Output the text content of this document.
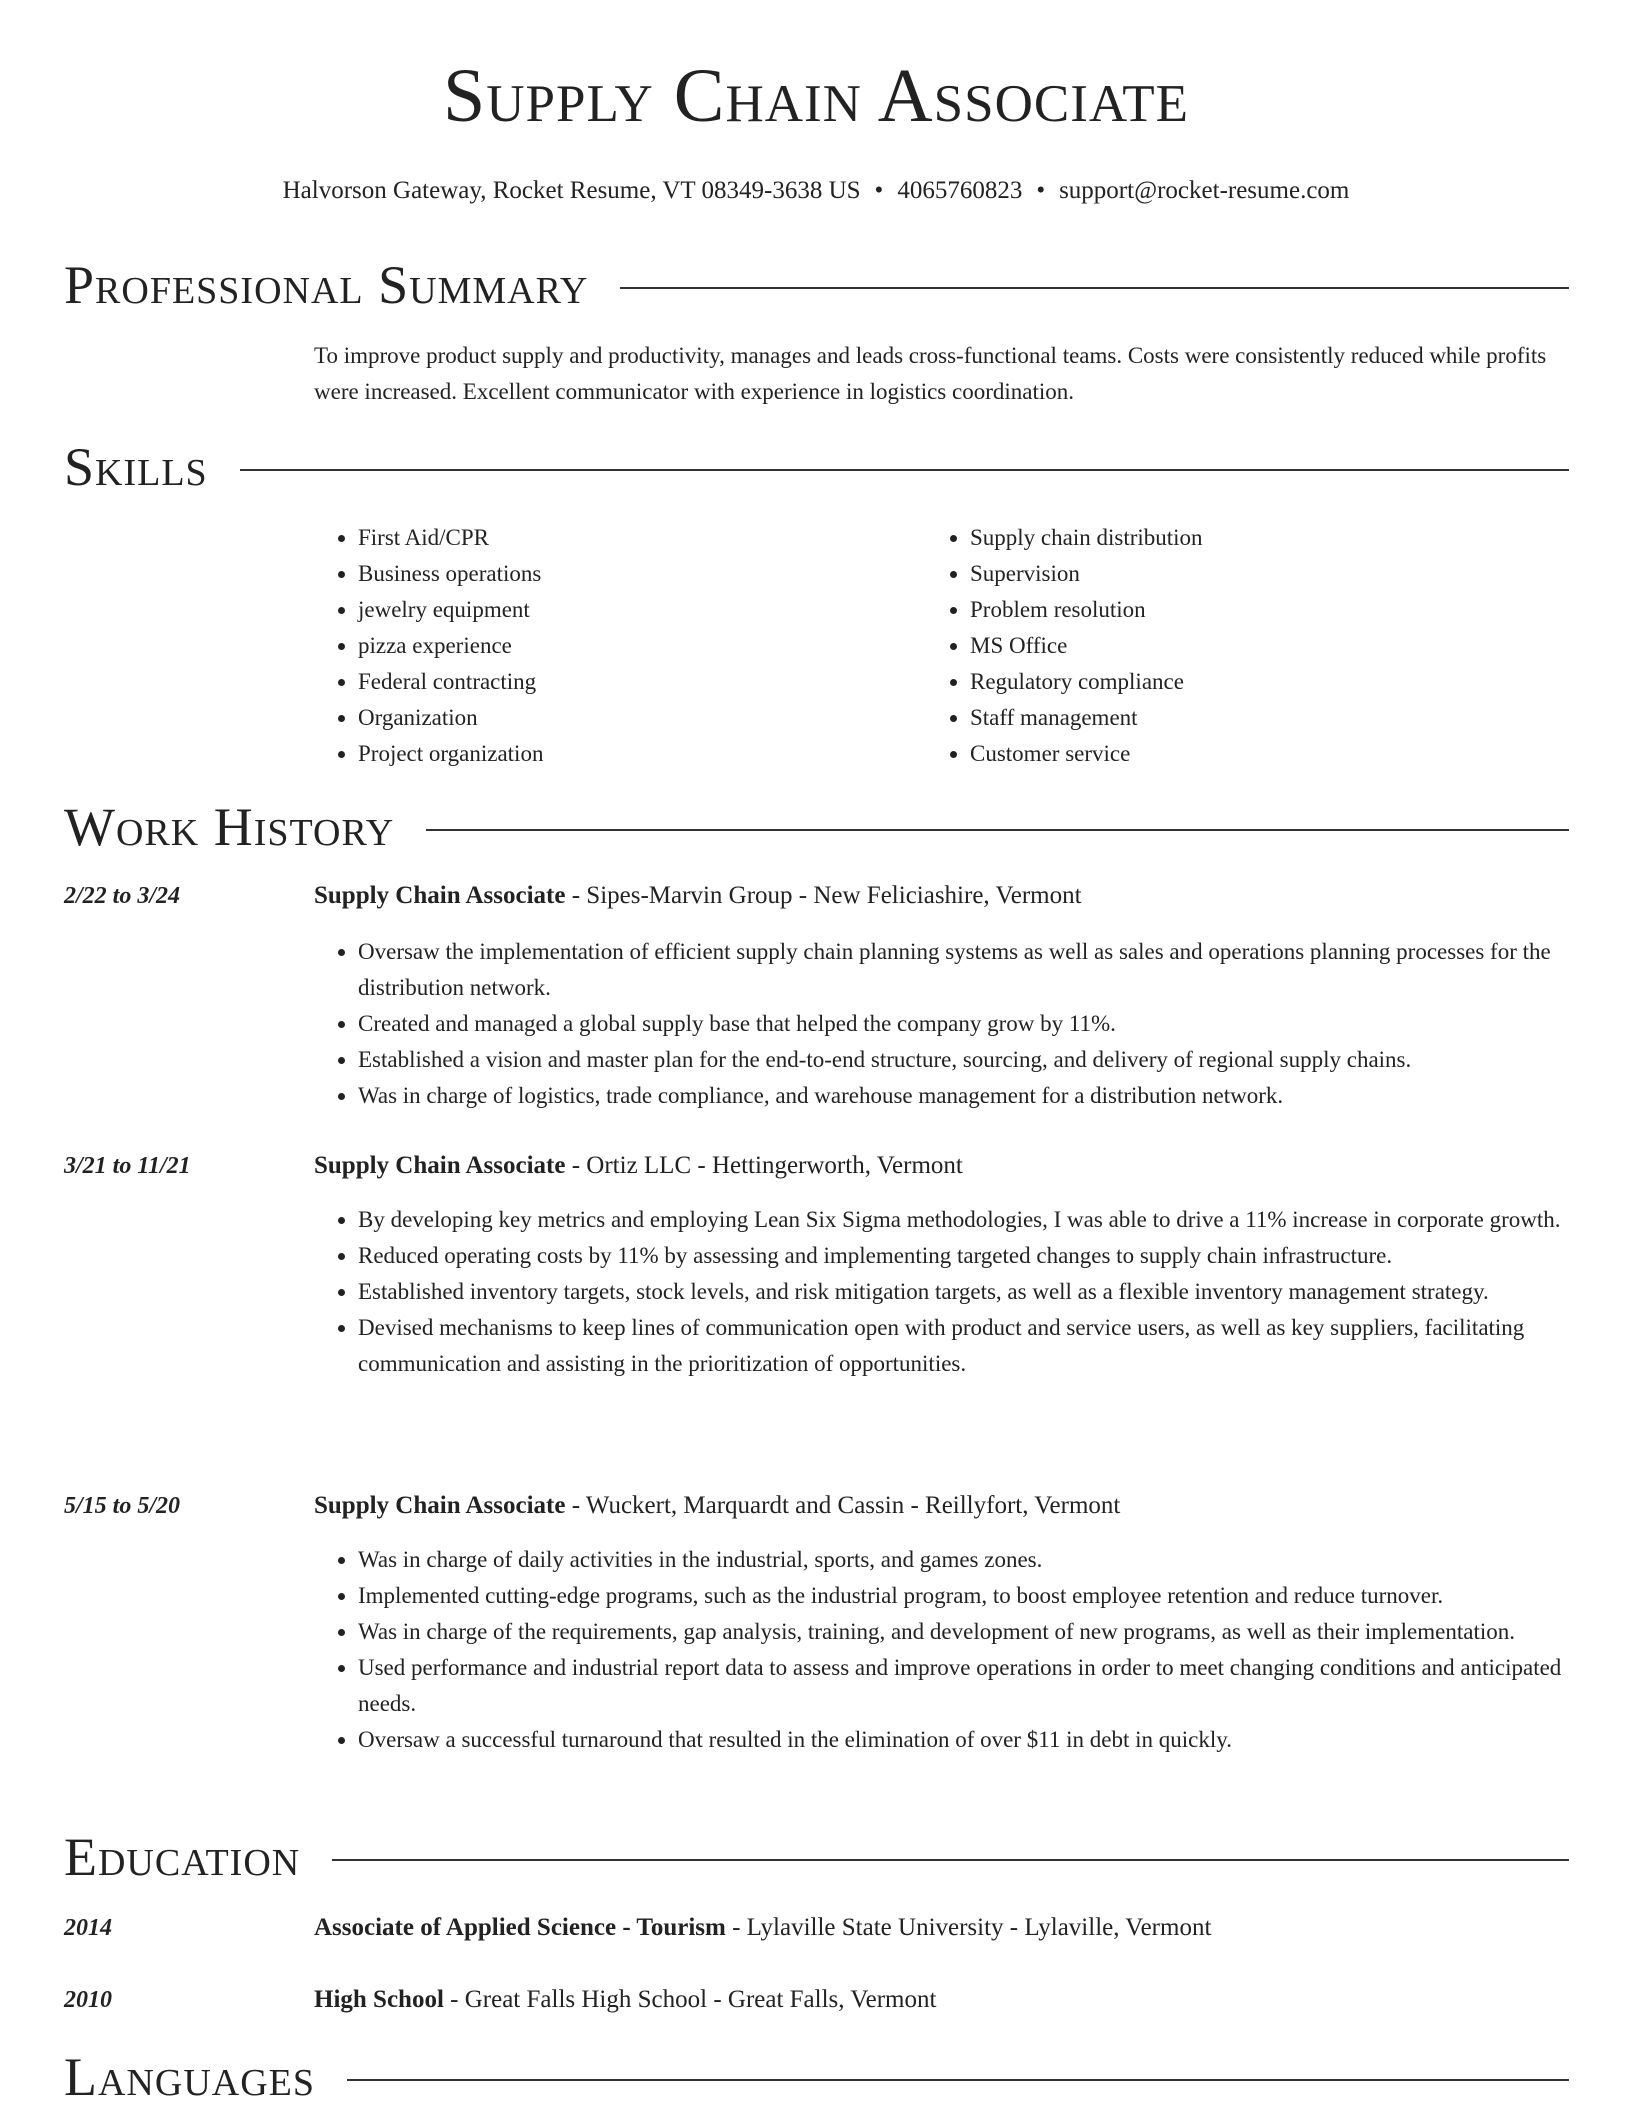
Supply Chain Associate
Halvorson Gateway, Rocket Resume, VT 08349-3638 US • 4065760823 • support@rocket-resume.com
Professional Summary
To improve product supply and productivity, manages and leads cross-functional teams. Costs were consistently reduced while profits were increased. Excellent communicator with experience in logistics coordination.
Skills
• First Aid/CPR
• Business operations
• jewelry equipment
• pizza experience
• Federal contracting
• Organization
• Project organization
• Supply chain distribution
• Supervision
• Problem resolution
• MS Office
• Regulatory compliance
• Staff management
• Customer service
Work History
2/22 to 3/24	Supply Chain Associate - Sipes-Marvin Group - New Feliciashire, Vermont
• Oversaw the implementation of efficient supply chain planning systems as well as sales and operations planning processes for the distribution network.
• Created and managed a global supply base that helped the company grow by 11%.
• Established a vision and master plan for the end-to-end structure, sourcing, and delivery of regional supply chains.
• Was in charge of logistics, trade compliance, and warehouse management for a distribution network.
3/21 to 11/21	Supply Chain Associate - Ortiz LLC - Hettingerworth, Vermont
• By developing key metrics and employing Lean Six Sigma methodologies, I was able to drive a 11% increase in corporate growth.
• Reduced operating costs by 11% by assessing and implementing targeted changes to supply chain infrastructure.
• Established inventory targets, stock levels, and risk mitigation targets, as well as a flexible inventory management strategy.
• Devised mechanisms to keep lines of communication open with product and service users, as well as key suppliers, facilitating communication and assisting in the prioritization of opportunities.
5/15 to 5/20	Supply Chain Associate - Wuckert, Marquardt and Cassin - Reillyfort, Vermont
• Was in charge of daily activities in the industrial, sports, and games zones.
• Implemented cutting-edge programs, such as the industrial program, to boost employee retention and reduce turnover.
• Was in charge of the requirements, gap analysis, training, and development of new programs, as well as their implementation.
• Used performance and industrial report data to assess and improve operations in order to meet changing conditions and anticipated needs.
• Oversaw a successful turnaround that resulted in the elimination of over $11 in debt in quickly.
Education
2014	Associate of Applied Science - Tourism - Lylaville State University - Lylaville, Vermont
2010	High School - Great Falls High School - Great Falls, Vermont
Languages
